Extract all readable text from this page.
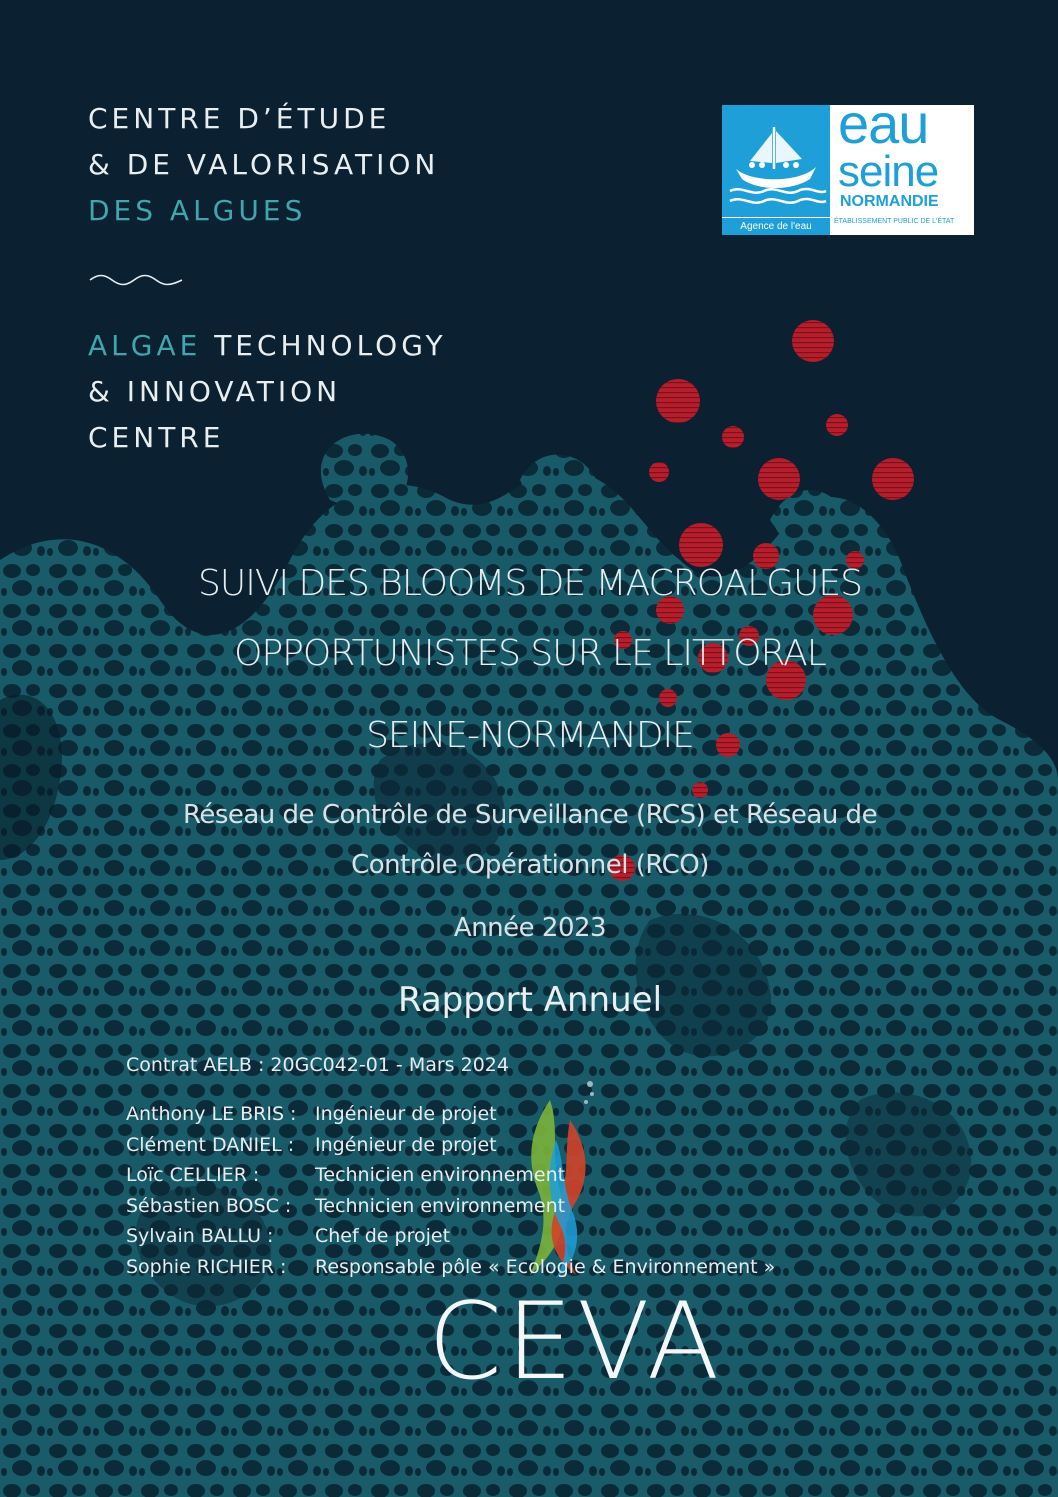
CENTRE D’ÉTUDE
& DE VALORISATION
DES ALGUES
ALGAE TECHNOLOGY
& INNOVATION
CENTRE
Agence de l'eau
eau
seine
NORMANDIE
ÉTABLISSEMENT PUBLIC DE L'ÉTAT
SUIVI DES BLOOMS DE MACROALGUES
OPPORTUNISTES SUR LE LITTORAL
SEINE-NORMANDIE
Réseau de Contrôle de Surveillance (RCS) et Réseau de
Contrôle Opérationnel (RCO)
Année 2023
Rapport Annuel
Contrat AELB : 20GC042-01 - Mars 2024
Anthony LE BRIS : Ingénieur de projet
Clément DANIEL : Ingénieur de projet
Loïc CELLIER :	Technicien environnement
Sébastien BOSC : Technicien environnement
Sylvain BALLU : Chef de projet
Sophie RICHIER : Responsable pôle « Ecologie & Environnement »
CEVA
